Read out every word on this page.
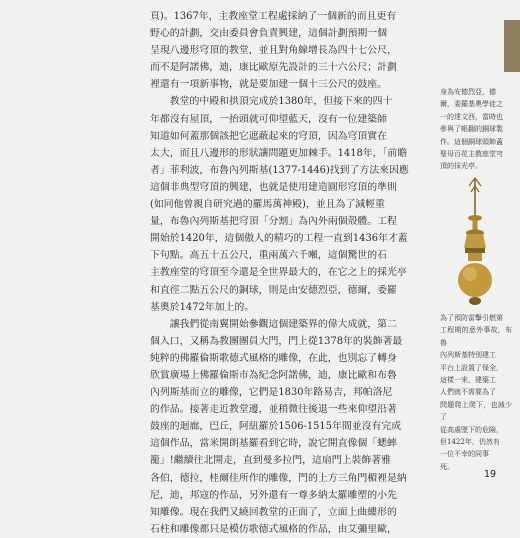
頁)。1367年，主教座堂工程處採納了一個新的而且更有
野心的計劃，交由委員會負責興建，這個計劃預期一個
呈現八邊形穹頂的教堂，並且對角線增長為四十七公尺，
而不是阿諾佛，迪，康比歐原先設計的三十六公尺；計劃
裡還有一項新事物，就是要加建一個十三公尺的鼓座。

教堂的中殿和拱頂完成於1380年，但接下來的四十
年都沒有屋頂，一抬頭就可仰望藍天，沒有一位建築師
知道如何蓋那個該把它遮蔽起來的穹頂，因為穹頂實在
太大，而且八邊形的形狀讓問題更加棘手。1418年，「前瞻
者」菲利波，布魯內列斯基(1377-1446)找到了方法來因應
這個非典型穹頂的興建，也就是使用建造圓形穹頂的準則
(如同他曾親自研究過的羅馬萬神殿)，並且為了減輕重
量，布魯內列斯基把穹頂「分割」為內外兩個殼體。工程
開始於1420年，這個傲人的精巧的工程一直到1436年才蓋
下句點。高五十五公尺，重兩萬六千噸，這個驚世的石
主教座堂的穹頂至今還是全世界最大的，在它之上的採光亭
和直徑二點五公尺的銅球，則是由安德烈亞，德爾，委羅
基奧於1472年加上的。

讓我們從南翼開始參觀這個建築界的偉大成就，第二
個入口，又稱為教團團員大門，門上從1378年的裝飾著最
純粹的佛羅倫斯歌德式風格的雕像，在此，也別忘了轉身
欣賞廣場上佛羅倫斯市為紀念阿諾佛，迪，康比歐和布魯
內列斯基而立的雕像，它們是1830年路易吉，邦帕洛尼
的作品。接著走近教堂邊，並稍微往後退一些來仰望沿著
鼓座的迴廊，巴丘，阿紐羅於1506-1515年間並沒有完成
這個作品，當米開朗基羅看到它時，說它開直像個「蟋蟀
籠」!繼續往北開走，直到曼多拉門，這扇門上裝飾著雅
各伯，德拉，桂爾佳所作的雕像，門的上方三角門楣裡是納
尼，迪，邦寇的作品，另外還有一尊多納太羅雕塑的小先
知雕像。現在我們又繞回教堂的正面了，立面上曲縷形的
石柱和雕像都只是模仿歌德式風格的作品，由艾彌里歐，

身為安德烈亞，德
爾，委羅基奧學徒之
一的達文西，當時也
參與了帳翻的銅球製
作。這個銅球頭飾蓋
聖母百花主教座堂穹
頂的採光亭。
為了預防雷擊引燃第
工程期的意外事故，布魯
內列斯基特別建工
平台上設置了保全，
這樣一來，建築工
人們就不需要為了
問題爬上爬下，也減少了
從高處墜下的危險，
但1422年，仍然有
一位不幸的同事
死。
19
